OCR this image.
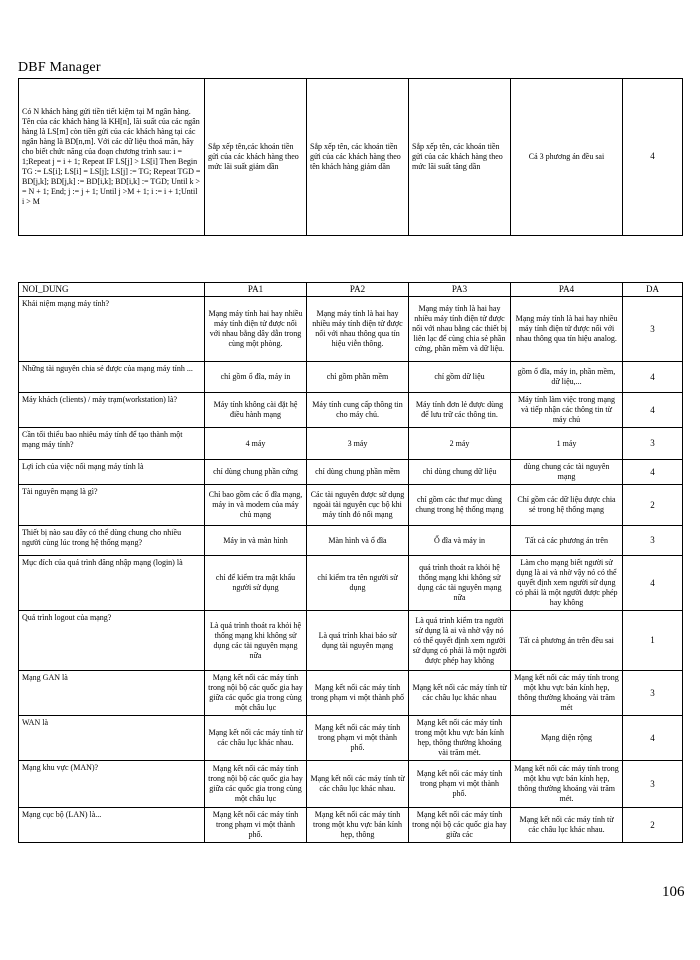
DBF Manager
Có N khách hàng gửi tiền tiết kiệm tại M ngân hàng. Tên của các khách hàng là KH[n], lãi suất của các ngân hàng là LS[m] còn tiền gửi của các khách hàng tại các ngân hàng là BD[n,m]. Với các dữ liệu thoả mãn, hãy cho biết chức năng của đoạn chương trình sau: i = 1;Repeat j = i + 1; Repeat IF LS[j] > LS[i] Then Begin TG := LS[i]; LS[i] = LS[j]; LS[j] := TG; Repeat TGD = BD[j,k]; BD[j,k] := BD[i,k]; BD[i,k] := TGD; Until k > = N + 1; End; j := j + 1; Until j >M + 1; i := i + 1;Until i > M	Sắp xếp tên,các khoản tiền gửi của các khách hàng theo mức lãi suất giảm dần	Sắp xếp tên, các khoản tiền gửi của các khách hàng theo tên khách hàng giảm dần	Sắp xếp tên, các khoản tiền gửi của các khách hàng theo mức lãi suất tăng dần	Cả 3 phương án đều sai	4
NOI_DUNG	PA1	PA2	PA3	PA4	DA
Khái niệm mạng máy tính?	Mạng máy tính hai hay nhiều máy tính điện tử được nối với nhau bằng dây dẫn trong cùng một phòng.	Mạng máy tính là hai hay nhiều máy tính điện tử được nối với nhau thông qua tín hiệu viễn thông.	Mạng máy tính là hai hay nhiều máy tính điện tử được nối với nhau bằng các thiết bị liên lạc để cùng chia sẻ phần cứng, phần mềm và dữ liệu.	Mạng máy tính là hai hay nhiều máy tính điện tử được nối với nhau thông qua tín hiệu analog.	3
Những tài nguyên chia sẻ được của mạng máy tính ...	chỉ gồm ổ đĩa, máy in	chỉ gồm phần mềm	chỉ gồm dữ liệu	gồm ổ đĩa, máy in, phần mềm, dữ liệu,...	4
Máy khách (clients) / máy trạm(workstation) là?	Máy tính không cài đặt hệ điều hành mạng	Máy tính cung cấp thông tin cho máy chủ.	Máy tính đơn lẻ được dùng để lưu trữ các thông tin.	Máy tính làm việc trong mạng và tiếp nhận các thông tin từ máy chủ	4
Cần tối thiểu bao nhiêu máy tính để tạo thành một mạng máy tính?	4 máy	3 máy	2 máy	1 máy	3
Lợi ích của việc nối mạng máy tính là	chỉ dùng chung phần cứng	chỉ dùng chung phần mềm	chỉ dùng chung dữ liệu	dùng chung các tài nguyên mạng	4
Tài nguyên mạng là gì?	Chỉ bao gồm các ổ đĩa mạng, máy in và modem của máy chủ mạng	Các tài nguyên được sử dụng ngoài tài nguyên cục bộ khi máy tính đó nối mạng	chỉ gồm các thư mục dùng chung trong hệ thống mạng	Chỉ gồm các dữ liệu được chia sẻ trong hệ thống mạng	2
Thiết bị nào sau đây có thể dùng chung cho nhiều người cùng lúc trong hệ thống mạng?	Máy in và màn hình	Màn hình và ổ đĩa	Ổ đĩa và máy in	Tất cả các phương án trên	3
Mục đích của quá trình đăng nhập mạng (login) là	chỉ để kiểm tra mật khẩu người sử dụng	chỉ kiểm tra tên người sử dụng	quá trình thoát ra khỏi hệ thống mạng khi không sử dụng các tài nguyên mạng nữa	Làm cho mạng biết người sử dụng là ai và nhờ vậy nó có thể quyết định xem người sử dụng có phải là một người được phép hay không	4
Quá trình logout của mạng?	Là quá trình thoát ra khỏi hệ thống mạng khi không sử dụng các tài nguyên mạng nữa	Là quá trình khai báo sử dụng tài nguyên mạng	Là quá trình kiểm tra người sử dụng là ai và nhờ vậy nó có thể quyết định xem người sử dụng có phải là một người được phép hay không	Tất cả phương án trên đều sai	1
Mạng GAN là	Mạng kết nối các máy tính trong nội bộ các quốc gia hay giữa các quốc gia trong cùng một châu lục	Mạng kết nối các máy tính trong phạm vi một thành phố	Mạng kết nối các máy tính từ các châu lục khác nhau	Mạng kết nối các máy tính trong một khu vực bán kính hẹp, thông thường khoảng vài trăm mét	3
WAN là	Mạng kết nối các máy tính từ các châu lục khác nhau.	Mạng kết nối các máy tính trong phạm vi một thành phố.	Mạng kết nối các máy tính trong một khu vực bán kính hẹp, thông thường khoảng vài trăm mét.	Mạng diện rộng	4
Mạng khu vực (MAN)?	Mạng kết nối các máy tính trong nội bộ các quốc gia hay giữa các quốc gia trong cùng một châu lục	Mạng kết nối các máy tính từ các châu lục khác nhau.	Mạng kết nối các máy tính trong phạm vi một thành phố.	Mạng kết nối các máy tính trong một khu vực bán kính hẹp, thông thường khoảng vài trăm mét.	3
Mạng cục bộ (LAN) là...	Mạng kết nối các máy tính trong phạm vi một thành phố.	Mạng kết nối các máy tính trong một khu vực bán kính hẹp, thông	Mạng kết nối các máy tính trong nội bộ các quốc gia hay giữa các	Mạng kết nối các máy tính từ các châu lục khác nhau.	2
106
